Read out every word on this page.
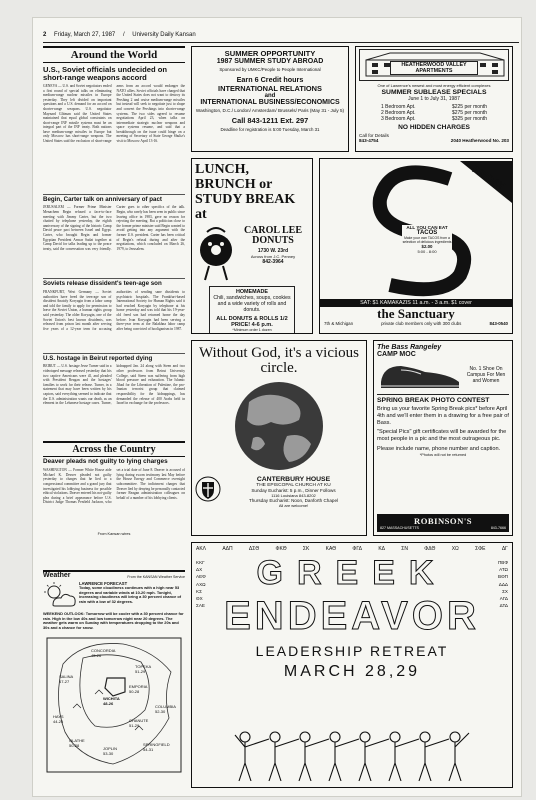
2 Friday, March 27, 1987 / University Daily Kansan
Around the World
U.S., Soviet officials undecided on short-range weapons accord
GENEVA — U.S. and Soviet negotiators ended a first round of special talks on eliminating medium-range nuclear missiles in Europe yesterday. They left divided on important questions and a U.S. demand for an accord on shorter-range weapons. U.S. negotiator Maynard Glitman said the United States maintained that equal global constraints on short-range INF missile systems must be an integral part of the INF treaty. Both nations have medium-range missiles in Europe but only Moscow has short-range weapons. The United States said the exclusion of short-range arms from an accord would endanger the NATO allies. Soviet officials have charged that the United States does not want to destroy its Pershing 2 and cruise medium-range missiles but instead will seek to negotiate just to shape and convert the Pershings into shorter-range systems. The two sides agreed to resume negotiations April 23, when talks on intermediate strategic nuclear weapons and space systems resume, and said that a breakthrough on the issue could hinge on a meeting of Secretary of State George Shultz's visit to Moscow April 13-16.
Begin, Carter talk on anniversary of pact
JERUSALEM — Former Prime Minister Menachem Begin refused a face-to-face meeting with Jimmy Carter, but the two chatted by telephone yesterday, the eighth anniversary of the signing of the historic Camp David peace pact between Israel and Egypt. Carter, who brought Begin and former Egyptian President Anwar Sadat together at Camp David for talks leading up to the peace treaty, said the conversation was very friendly. Carter goes to other specifics of the talk. Begin, who rarely has been seen in public since leaving office in 1983, gave no reason for rejecting the meeting. But a politician close to the former prime minister said Begin wanted to avoid getting into any argument with the former U.S. president. Carter has been critical of Begin's refusal during and after the negotiations, which concluded on March 26, 1979, to Jerusalem.
Soviets release dissident's teen-age son
FRANKFURT, West Germany — Soviet authorities have freed the teen-age son of dissident Anatoly Koryagin from a labor camp and told the family to apply for permission to leave the Soviet Union, a human rights group said yesterday. The older Koryagin, one of the Soviet Union's best known dissidents, was released from prison last month after serving five years of a 12-year term for accusing authorities of sending sane dissidents to psychiatric hospitals. The Frankfurt-based International Society for Human Rights said it had reached Koryagin by telephone at his home yesterday and was told that his 19-year-old freed son had returned home the day before. Ivan Koryagin had been serving a three-year term at the Balakhna labor camp after being convicted of hooliganism in 1987.
U.S. hostage in Beirut reported dying
BEIRUT — U.S. hostage Jesse Turner said in a videotaped message released yesterday that his two captive Americans were ill, and pleaded with President Reagan and the hostages' families to work for their release. Turner, in a statement that may have been written by his captors, said everything seemed to indicate that the U.S. administration wants our death, as an element in the Lebanese hostage cases. Turner, kidnapped Jan. 24 along with Steen and two other professors from Beirut University College, said Steen was suffering from high blood pressure and exhaustion. The Islamic Jihad for the Liberation of Palestine, the pro-Iranian terrorist group that claimed responsibility for the kidnappings, has demanded the release of 400 Arabs held in Israel in exchange for the professors.
Across the Country
Deaver pleads not guilty to lying charges
WASHINGTON — Former White House aide Michael K. Deaver pleaded not guilty yesterday to charges that he lied to a congressional committee and a grand jury that investigated his lobbying business for possible ethical violations. Deaver entered his not-guilty plea during a brief appearance before U.S. District Judge Thomas Penfield Jackson, who set a trial date of June 8. Deaver is accused of lying during sworn testimony last May before the House Energy and Commerce oversight subcommittee. The indictment charges that Deaver lied by denying he personally contacted former Reagan administration colleagues on behalf of a number of his lobbying clients.
From Kansan wires
Weather	From the KANSAN Weather Service
LAWRENCE FORECAST
Today, some cloudiness continues with a high near 53 degrees and variable winds at 10-20 mph. Tonight, increasing cloudiness will bring a 30 percent chance of rain with a low of 32 degrees.
WEEKEND OUTLOOK: Tomorrow will be cooler with a 30 percent chance for rain. High in the low 40s and low tomorrow night near 20 degrees. The weather gets warm on Sunday with temperatures dropping to the 20s and 30s and a chance for snow.
WICHITA
48-26
CONCORDIA
45-26
TOPEKA
51-29
SALINA
47-27
EMPORIA
50-28
HAYS
44-25
COLUMBIA
52-30
CHANUTE
51-29
SPRINGFIELD
54-31
JOPLIN
53-30
OLATHE
50-28
SUMMER OPPORTUNITY
1987 SUMMER STUDY ABROAD
Sponsored by UMKC/People to People International
Earn 6 Credit hours
INTERNATIONAL RELATIONS
and
INTERNATIONAL BUSINESS/ECONOMICS
Washington, D.C./ London/ Amsterdam/ Brussels/ Paris (May 31 - July 5)
Call 843-1211 Ext. 297
Deadline for registration is 5:00 Tuesday, March 31
HEATHERWOOD VALLEY APARTMENTS
One of Lawrence's newest and most energy efficient complexes
SUMMER SUBLEASE SPECIALS
June 1 to July 31, 1987
1 Bedroom Apt.	$225 per month
2 Bedroom Apt.	$275 per month
3 Bedroom Apt.	$325 per month
NO HIDDEN CHARGES
Call for Details
843-4754	2040 Heatherwood No. 203
LUNCH, BRUNCH or STUDY BREAK at
CAROL LEE DONUTS
1730 W. 23rd
Across from J.C. Penney
842-3964
HOMEMADE
Chili, sandwiches, soups, cookies and a wide variety of rolls and donuts.
ALL DONUTS & ROLLS 1/2 PRICE! 4-6 p.m.
*Minimum order 1 dozen
FRIDAY
ALL YOU CAN EAT
TACOS
Make your own TACOS from a selection of delicious ingredients
$2.00
5:00 - 8:00
SAT: $1 KAMAKAZIS 11 a.m. - 3 a.m. $1 cover
the Sanctuary
7th & Michigan	private club members only with 300 clubs	843-0540
Without God, it's a vicious circle.
CANTERBURY HOUSE
THE EPISCOPAL CHURCH AT KU
Sunday Eucharist: 5 p.m., Dinner Follows
1116 Louisiana 843-8202
Thursday Eucharist: Noon, Danforth Chapel
All are welcome!
The Bass Rangeley
CAMP MOC
No. 1 Shoe On Campus For Men and Women
SPRING BREAK PHOTO CONTEST
Bring us your favorite Spring Break pics* before April 4th and we'll enter them in a drawing for a free pair of Bass.
"Special Pics" gift certificates will be awarded for the most people in a pic and the most outrageous pic.
Please include name, phone number and caption.
*Photos will not be returned
ROBINSON'S
827 MASSACHUSETTS	843-7666
ΑΚΛ	ΑΔΠ	ΔΣΘ	ΦΚΘ	ΣΚ	ΚΑΘ	ΦΓΔ	ΚΔ	ΣΝ	ΦΔΘ	ΧΩ	ΣΦΕ	ΔΓ
ΚΚΓ
ΔΧ
ΑΕΦ
ΑΧΩ
ΚΣ
ΘΧ
ΣΑΕ
ΠΒΦ
ΑΤΩ
ΒΘΠ
ΔΔΔ
ΣΧ
ΑΓΔ
ΔΤΔ
GREEK
ENDEAVOR
LEADERSHIP RETREAT
MARCH 28,29
